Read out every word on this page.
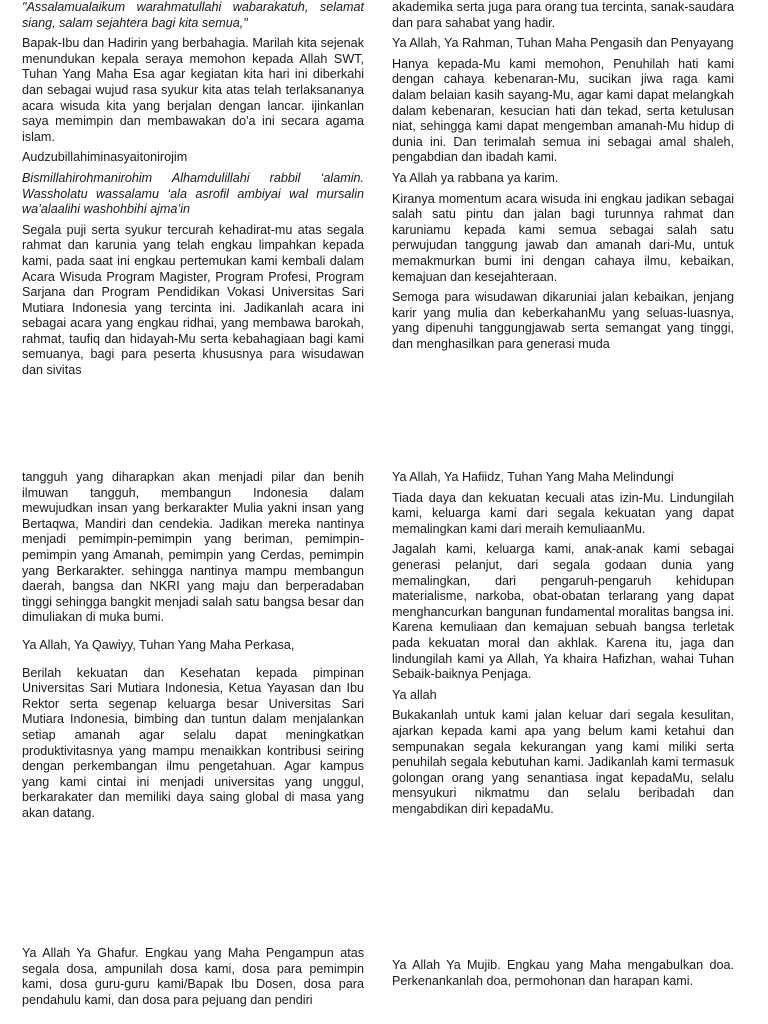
"Assalamualaikum warahmatullahi wabarakatuh, selamat siang, salam sejahtera bagi kita semua,"

Bapak-Ibu dan Hadirin yang berbahagia. Marilah kita sejenak menundukan kepala seraya memohon kepada Allah SWT, Tuhan Yang Maha Esa agar kegiatan kita hari ini diberkahi dan sebagai wujud rasa syukur kita atas telah terlaksananya acara wisuda kita yang berjalan dengan lancar. ijinkanlan saya memimpin dan membawakan do'a ini secara agama islam.

Audzubillahiminasyaitonirojim

Bismillahirohmanirohim Alhamdulillahi rabbil ‘alamin. Wassholatu wassalamu ‘ala asrofil ambiyai wal mursalin wa’alaalihi washohbihi ajma’in

Segala puji serta syukur tercurah kehadirat-mu atas segala rahmat dan karunia yang telah engkau limpahkan kepada kami, pada saat ini engkau pertemukan kami kembali dalam Acara Wisuda Program Magister, Program Profesi, Program Sarjana dan Program Pendidikan Vokasi Universitas Sari Mutiara Indonesia yang tercinta ini. Jadikanlah acara ini sebagai acara yang engkau ridhai, yang membawa barokah, rahmat, taufiq dan hidayah-Mu serta kebahagiaan bagi kami semuanya, bagi para peserta khususnya para wisudawan dan sivitas

akademika serta juga para orang tua tercinta, sanak-saudara dan para sahabat yang hadir.

Ya Allah, Ya Rahman, Tuhan Maha Pengasih dan Penyayang

Hanya kepada-Mu kami memohon, Penuhilah hati kami dengan cahaya kebenaran-Mu, sucikan jiwa raga kami dalam belaian kasih sayang-Mu, agar kami dapat melangkah dalam kebenaran, kesucian hati dan tekad, serta ketulusan niat, sehingga kami dapat mengemban amanah-Mu hidup di dunia ini. Dan terimalah semua ini sebagai amal shaleh, pengabdian dan ibadah kami.

Ya Allah ya rabbana ya karim.

Kiranya momentum acara wisuda ini engkau jadikan sebagai salah satu pintu dan jalan bagi turunnya rahmat dan karuniamu kepada kami semua sebagai salah satu perwujudan tanggung jawab dan amanah dari-Mu, untuk memakmurkan bumi ini dengan cahaya ilmu, kebaikan, kemajuan dan kesejahteraan.

Semoga para wisudawan dikaruniai jalan kebaikan, jenjang karir yang mulia dan keberkahanMu yang seluas-luasnya, yang dipenuhi tanggungjawab serta semangat yang tinggi, dan menghasilkan para generasi muda

tangguh yang diharapkan akan menjadi pilar dan benih ilmuwan tangguh, membangun Indonesia dalam mewujudkan insan yang berkarakter Mulia yakni insan yang Bertaqwa, Mandiri dan cendekia. Jadikan mereka nantinya menjadi pemimpin-pemimpin yang beriman, pemimpin-pemimpin yang Amanah, pemimpin yang Cerdas, pemimpin yang Berkarakter. sehingga nantinya mampu membangun daerah, bangsa dan NKRI yang maju dan berperadaban tinggi sehingga bangkit menjadi salah satu bangsa besar dan dimuliakan di muka bumi.

Ya Allah, Ya Qawiyy, Tuhan Yang Maha Perkasa,

Berilah kekuatan dan Kesehatan kepada pimpinan Universitas Sari Mutiara Indonesia, Ketua Yayasan dan Ibu Rektor serta segenap keluarga besar Universitas Sari Mutiara Indonesia, bimbing dan tuntun dalam menjalankan setiap amanah agar selalu dapat meningkatkan produktivitasnya yang mampu menaikkan kontribusi seiring dengan perkembangan ilmu pengetahuan. Agar kampus yang kami cintai ini menjadi universitas yang unggul, berkarakater dan memiliki daya saing global di masa yang akan datang.

Ya Allah, Ya Hafiidz, Tuhan Yang Maha Melindungi

Tiada daya dan kekuatan kecuali atas izin-Mu. Lindungilah kami, keluarga kami dari segala kekuatan yang dapat memalingkan kami dari meraih kemuliaanMu.

Jagalah kami, keluarga kami, anak-anak kami sebagai generasi pelanjut, dari segala godaan dunia yang memalingkan, dari pengaruh-pengaruh kehidupan materialisme, narkoba, obat-obatan terlarang yang dapat menghancurkan bangunan fundamental moralitas bangsa ini. Karena kemuliaan dan kemajuan sebuah bangsa terletak pada kekuatan moral dan akhlak. Karena itu, jaga dan lindungilah kami ya Allah, Ya khaira Hafizhan, wahai Tuhan Sebaik-baiknya Penjaga.

Ya allah

Bukakanlah untuk kami jalan keluar dari segala kesulitan, ajarkan kepada kami apa yang belum kami ketahui dan sempunakan segala kekurangan yang kami miliki serta penuhilah segala kebutuhan kami. Jadikanlah kami termasuk golongan orang yang senantiasa ingat kepadaMu, selalu mensyukuri nikmatmu dan selalu beribadah dan mengabdikan diri kepadaMu.

Ya Allah Ya Ghafur. Engkau yang Maha Pengampun atas segala dosa, ampunilah dosa kami, dosa para pemimpin kami, dosa guru-guru kami/Bapak Ibu Dosen, dosa para pendahulu kami, dan dosa para pejuang dan pendiri

Ya Allah Ya Mujib. Engkau yang Maha mengabulkan doa. Perkenankanlah doa, permohonan dan harapan kami.
